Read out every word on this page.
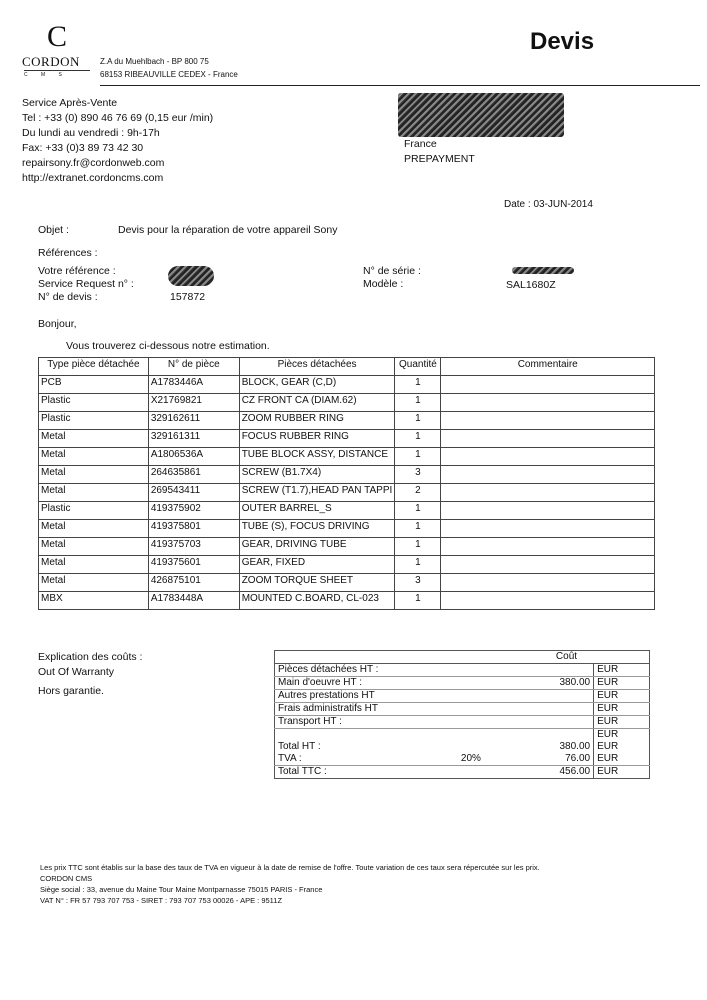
C
CORDON
C M S
Z.A du Muehlbach - BP 800 75
68153 RIBEAUVILLE CEDEX - France
Devis
Service Après-Vente
Tel : +33 (0) 890 46 76 69 (0,15 eur /min)
Du lundi au vendredi : 9h-17h
Fax: +33 (0)3 89 73 42 30
repairsony.fr@cordonweb.com
http://extranet.cordoncms.com
France
PREPAYMENT
Date : 03-JUN-2014
Objet :	Devis pour la réparation de votre appareil Sony
Références :
Votre référence :
Service Request n° :
N° de devis :	157872
N° de série :
Modèle :	SAL1680Z
Bonjour,
Vous trouverez ci-dessous notre estimation.
Type pièce détachée	N° de pièce	Pièces détachées	Quantité	Commentaire
PCB	A1783446A	BLOCK, GEAR (C,D)	1	
Plastic	X21769821	CZ FRONT CA (DIAM.62)	1	
Plastic	329162611	ZOOM RUBBER RING	1	
Metal	329161311	FOCUS RUBBER RING	1	
Metal	A1806536A	TUBE BLOCK ASSY, DISTANCE	1	
Metal	264635861	SCREW (B1.7X4)	3	
Metal	269543411	SCREW (T1.7),HEAD PAN TAPPI	2	
Plastic	419375902	OUTER BARREL_S	1	
Metal	419375801	TUBE (S), FOCUS DRIVING	1	
Metal	419375703	GEAR, DRIVING TUBE	1	
Metal	419375601	GEAR, FIXED	1	
Metal	426875101	ZOOM TORQUE SHEET	3	
MBX	A1783448A	MOUNTED C.BOARD, CL-023	1	
Explication des coûts :
Out Of Warranty
Hors garantie.
		Coût	
Pièces détachées HT :			EUR
Main d'oeuvre HT :		380.00	EUR
Autres prestations HT			EUR
Frais administratifs HT			EUR
Transport HT :			EUR
			EUR
Total HT :		380.00	EUR
TVA :	20%	76.00	EUR
Total TTC :		456.00	EUR
Les prix TTC sont établis sur la base des taux de TVA en vigueur à la date de remise de l'offre. Toute variation de ces taux sera répercutée sur les prix.
CORDON CMS
Siège social : 33, avenue du Maine Tour Maine Montparnasse 75015 PARIS - France
VAT N° : FR 57 793 707 753 - SIRET : 793 707 753 00026 - APE : 9511Z
